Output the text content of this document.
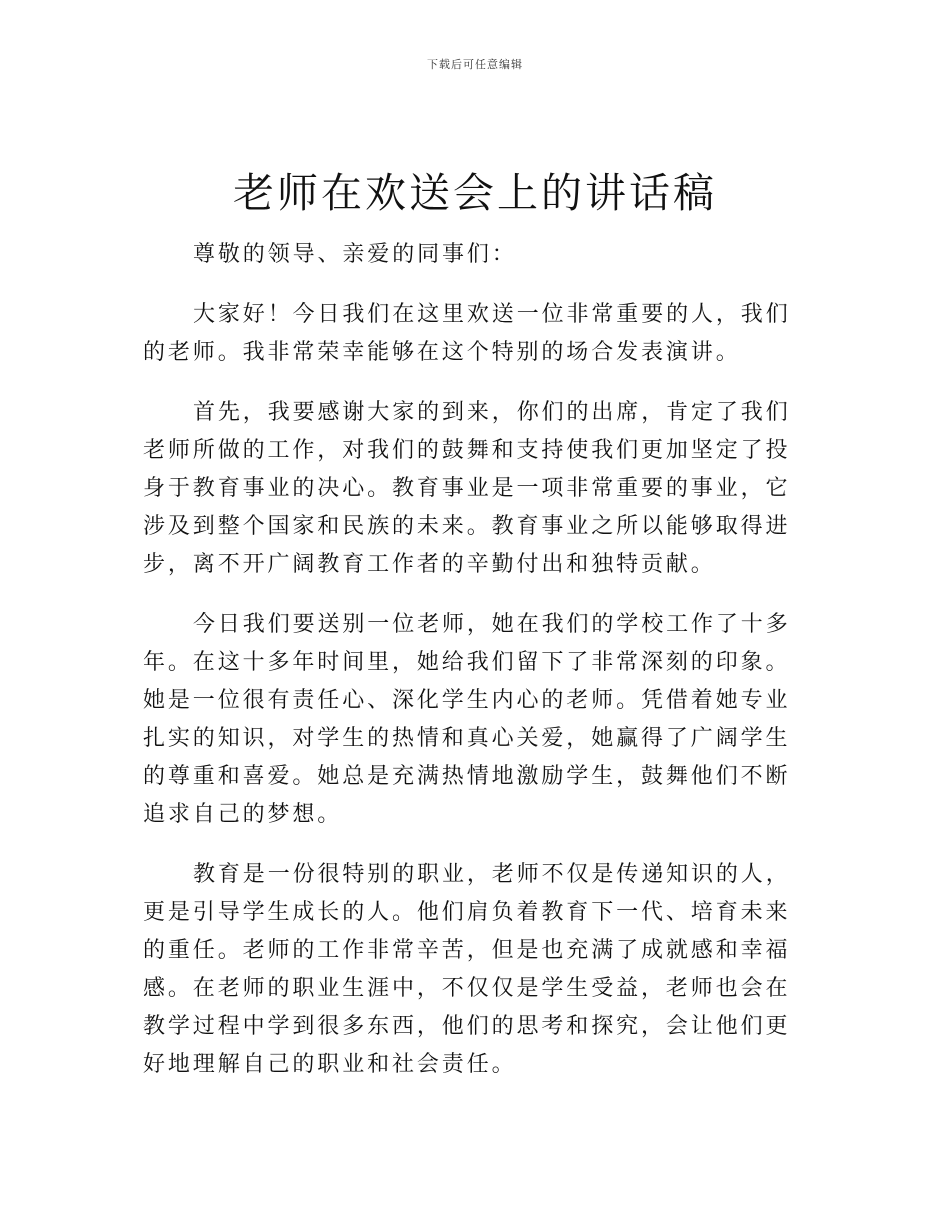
下载后可任意编辑
老师在欢送会上的讲话稿

尊敬的领导、亲爱的同事们：

大家好！今日我们在这里欢送一位非常重要的人，我们的老师。我非常荣幸能够在这个特别的场合发表演讲。

首先，我要感谢大家的到来，你们的出席，肯定了我们老师所做的工作，对我们的鼓舞和支持使我们更加坚定了投身于教育事业的决心。教育事业是一项非常重要的事业，它涉及到整个国家和民族的未来。教育事业之所以能够取得进步，离不开广阔教育工作者的辛勤付出和独特贡献。

今日我们要送别一位老师，她在我们的学校工作了十多年。在这十多年时间里，她给我们留下了非常深刻的印象。她是一位很有责任心、深化学生内心的老师。凭借着她专业扎实的知识，对学生的热情和真心关爱，她赢得了广阔学生的尊重和喜爱。她总是充满热情地激励学生，鼓舞他们不断追求自己的梦想。

教育是一份很特别的职业，老师不仅是传递知识的人，更是引导学生成长的人。他们肩负着教育下一代、培育未来的重任。老师的工作非常辛苦，但是也充满了成就感和幸福感。在老师的职业生涯中，不仅仅是学生受益，老师也会在教学过程中学到很多东西，他们的思考和探究，会让他们更好地理解自己的职业和社会责任。
